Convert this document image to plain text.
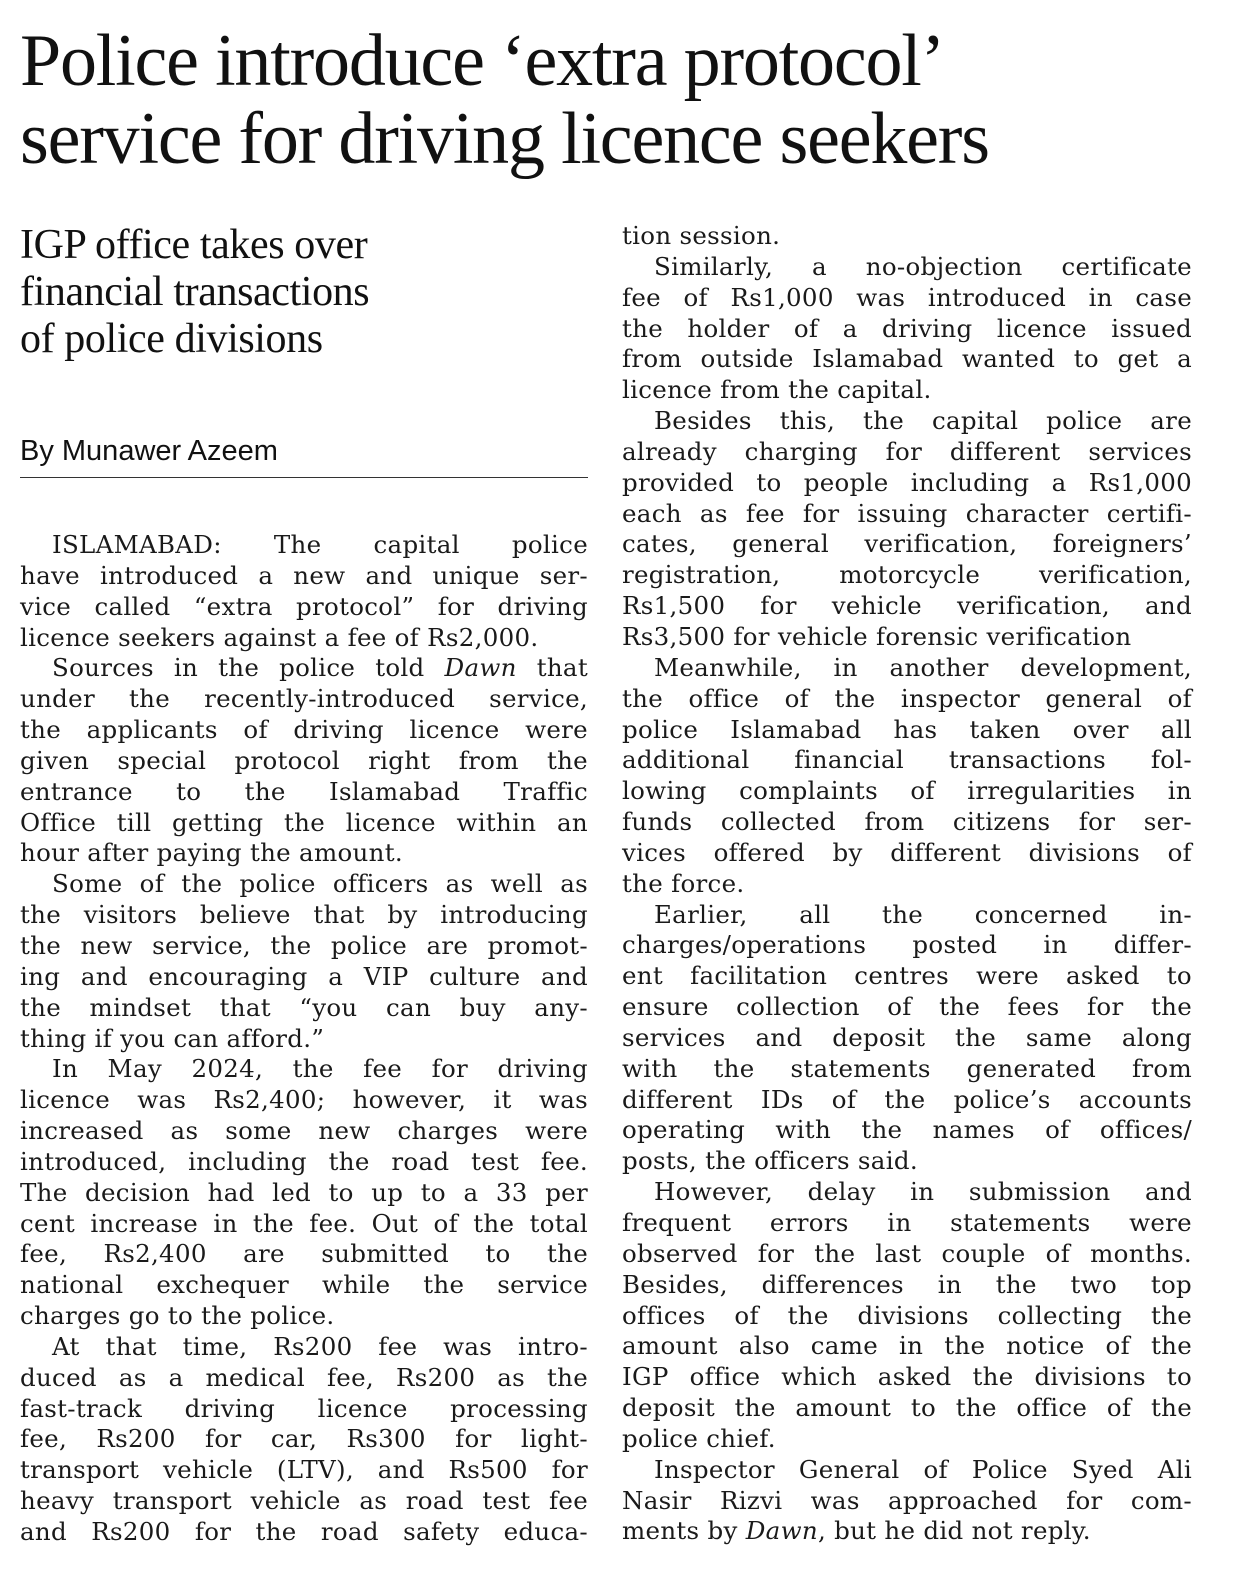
Police introduce ‘extra protocol’
service for driving licence seekers
IGP office takes over
financial transactions
of police divisions
By Munawer Azeem
ISLAMABAD: The capital police
have introduced a new and unique ser-
vice called “extra protocol” for driving
licence seekers against a fee of Rs2,000.
Sources in the police told Dawn that
under the recently-introduced service,
the applicants of driving licence were
given special protocol right from the
entrance to the Islamabad Traffic
Office till getting the licence within an
hour after paying the amount.
Some of the police officers as well as
the visitors believe that by introducing
the new service, the police are promot-
ing and encouraging a VIP culture and
the mindset that “you can buy any-
thing if you can afford.”
In May 2024, the fee for driving
licence was Rs2,400; however, it was
increased as some new charges were
introduced, including the road test fee.
The decision had led to up to a 33 per
cent increase in the fee. Out of the total
fee, Rs2,400 are submitted to the
national exchequer while the service
charges go to the police.
At that time, Rs200 fee was intro-
duced as a medical fee, Rs200 as the
fast-track driving licence processing
fee, Rs200 for car, Rs300 for light-
transport vehicle (LTV), and Rs500 for
heavy transport vehicle as road test fee
and Rs200 for the road safety educa-
tion session.
Similarly, a no-objection certificate
fee of Rs1,000 was introduced in case
the holder of a driving licence issued
from outside Islamabad wanted to get a
licence from the capital.
Besides this, the capital police are
already charging for different services
provided to people including a Rs1,000
each as fee for issuing character certifi-
cates, general verification, foreigners’
registration, motorcycle verification,
Rs1,500 for vehicle verification, and
Rs3,500 for vehicle forensic verification
Meanwhile, in another development,
the office of the inspector general of
police Islamabad has taken over all
additional financial transactions fol-
lowing complaints of irregularities in
funds collected from citizens for ser-
vices offered by different divisions of
the force.
Earlier, all the concerned in-
charges/operations posted in differ-
ent facilitation centres were asked to
ensure collection of the fees for the
services and deposit the same along
with the statements generated from
different IDs of the police’s accounts
operating with the names of offices/
posts, the officers said.
However, delay in submission and
frequent errors in statements were
observed for the last couple of months.
Besides, differences in the two top
offices of the divisions collecting the
amount also came in the notice of the
IGP office which asked the divisions to
deposit the amount to the office of the
police chief.
Inspector General of Police Syed Ali
Nasir Rizvi was approached for com-
ments by Dawn, but he did not reply.
